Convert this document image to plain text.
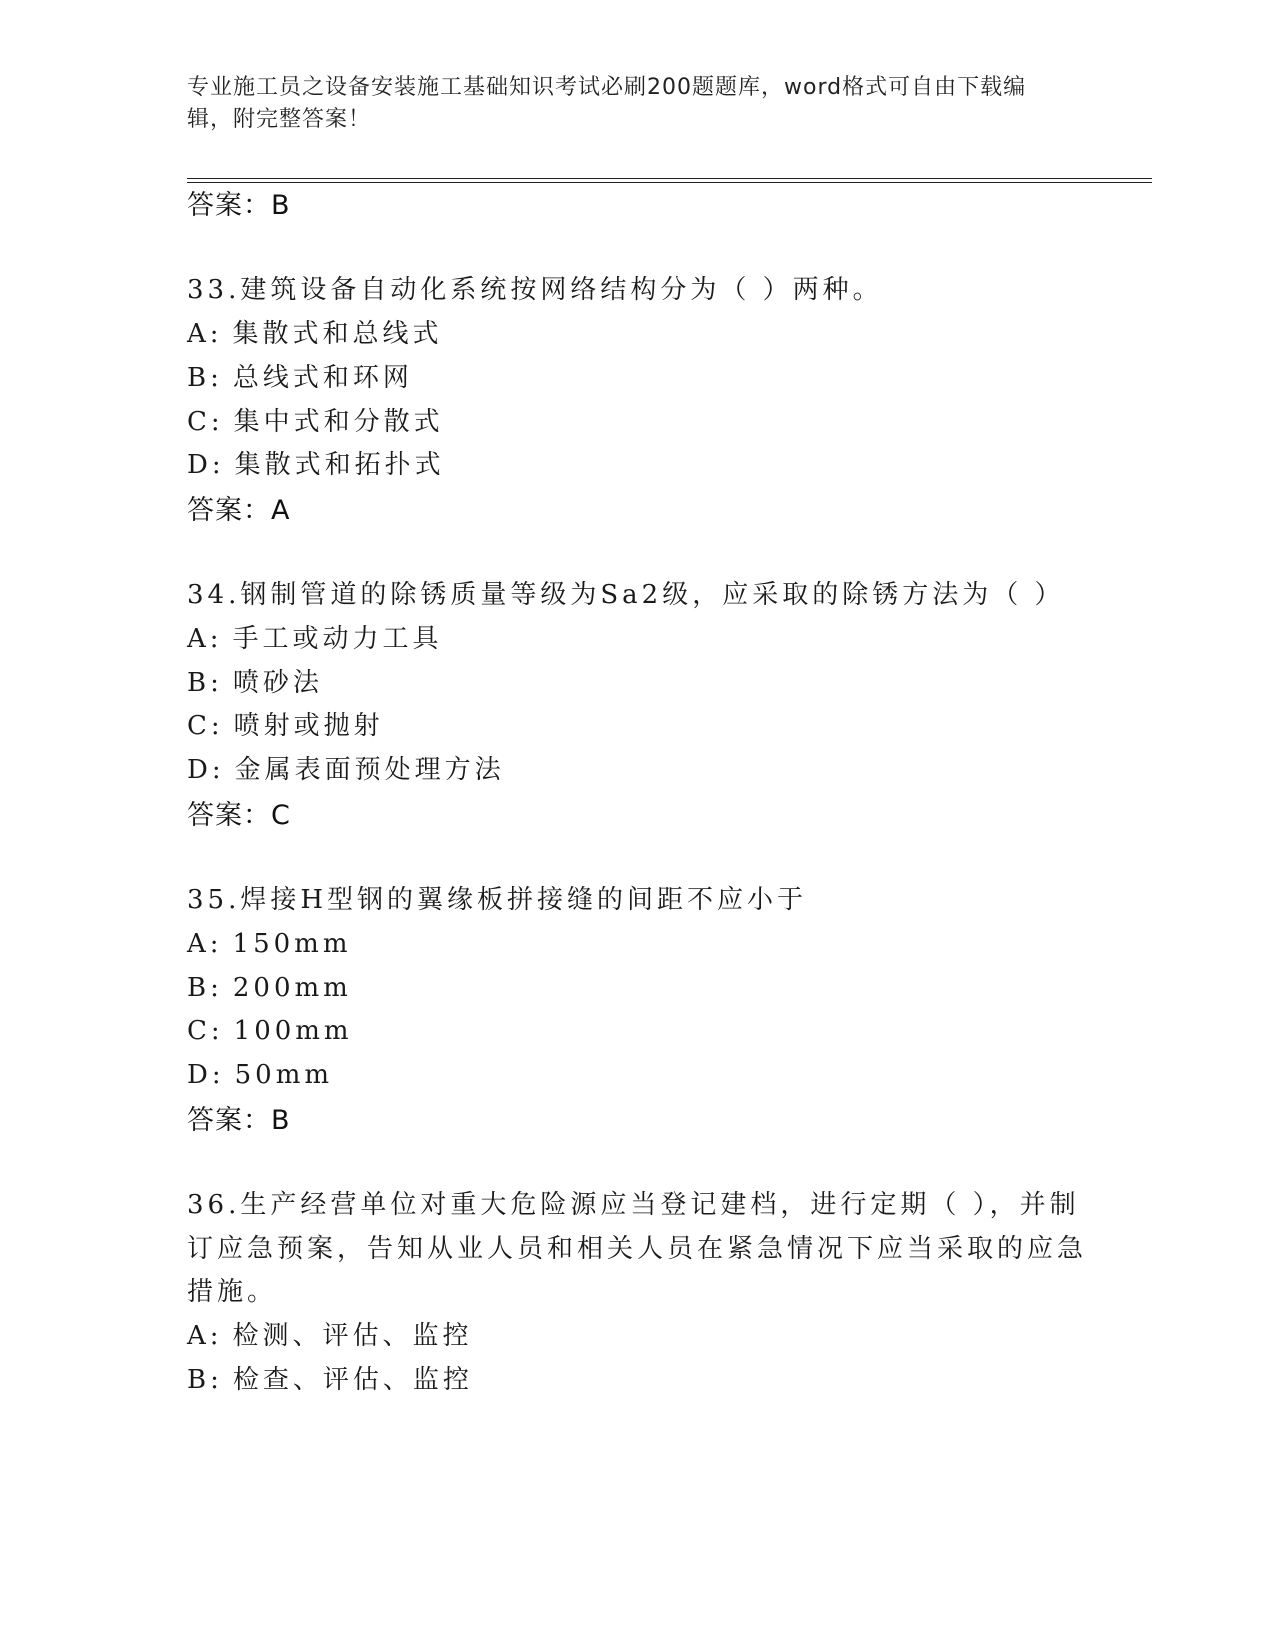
专业施工员之设备安装施工基础知识考试必刷200题题库，word格式可自由下载编辑，附完整答案！
答案：B
33.建筑设备自动化系统按网络结构分为（ ）两种。
A: 集散式和总线式
B: 总线式和环网
C: 集中式和分散式
D: 集散式和拓扑式
答案：A
34.钢制管道的除锈质量等级为Sa2级，应采取的除锈方法为（ ）
A: 手工或动力工具
B: 喷砂法
C: 喷射或抛射
D: 金属表面预处理方法
答案：C
35.焊接H型钢的翼缘板拼接缝的间距不应小于
A: 150mm
B: 200mm
C: 100mm
D: 50mm
答案：B
36.生产经营单位对重大危险源应当登记建档，进行定期（ ），并制
订应急预案，告知从业人员和相关人员在紧急情况下应当采取的应急
措施。
A: 检测、评估、监控
B: 检查、评估、监控
